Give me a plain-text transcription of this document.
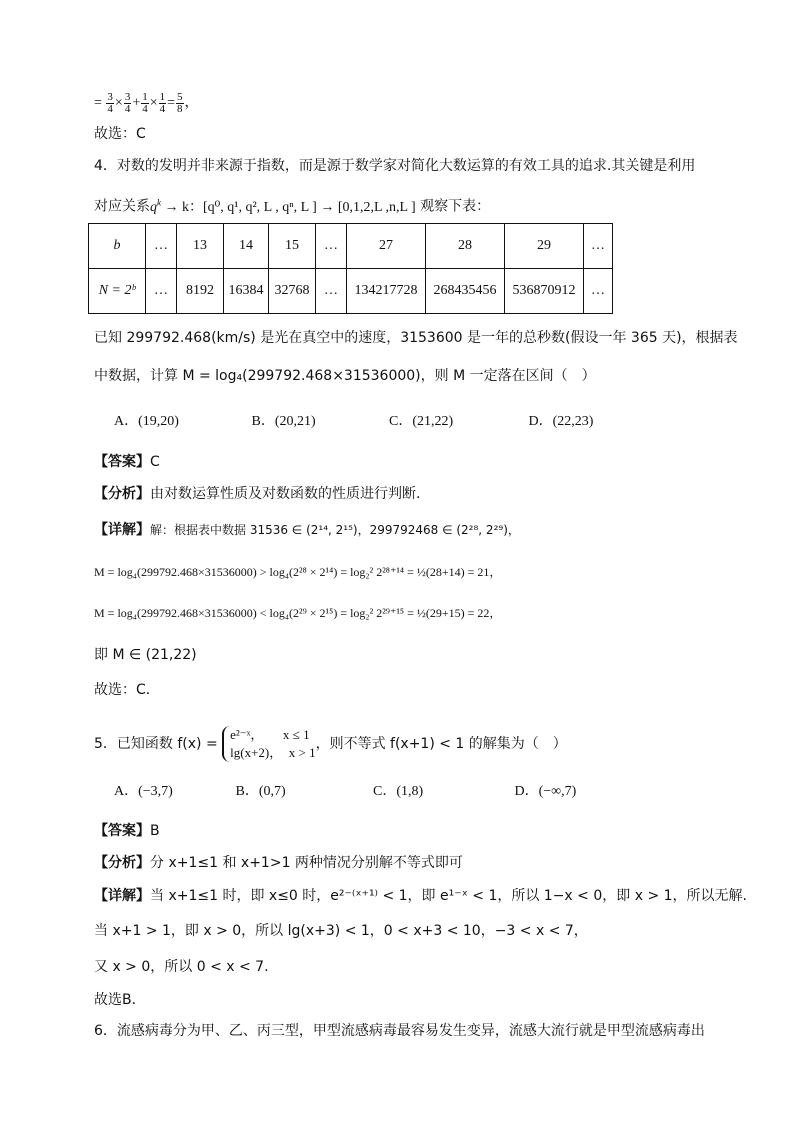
= $\frac{3}{4} \times \frac{3}{4} + \frac{1}{4} \times \frac{1}{4} = \frac{5}{8}$ ，
故选：C
4．对数的发明并非来源于指数，而是源于数学家对简化大数运算的有效工具的追求.其关键是利用
对应关系$q^k \to k$：[q⁰, q¹, q², L , qⁿ, L ] → [0,1,2,L ,n,L ] 观察下表：
b	…	13	14	15	…	27	28	29	…
N = 2ᵇ	…	8192	16384	32768	…	134217728	268435456	536870912	…
已知 299792.468(km/s) 是光在真空中的速度，3153600 是一年的总秒数(假设一年 365 天)，根据表
中数据，计算 M = log₄(299792.468×31536000)，则 M 一定落在区间（　）
A．(19,20)	B．(20,21)	C．(21,22)	D．(22,23)
【答案】C
【分析】由对数运算性质及对数函数的性质进行判断.
【详解】解：根据表中数据 31536 ∈ (2¹⁴, 2¹⁵)，299792468 ∈ (2²⁸, 2²⁹)，
M = log₄(299792.468×31536000) > log₄(2²⁸ × 2¹⁴) = log₂² 2²⁸⁺¹⁴ = ½(28+14) = 21，
M = log₄(299792.468×31536000) < log₄(2²⁹ × 2¹⁵) = log₂² 2²⁹⁺¹⁵ = ½(29+15) = 22，
即 M ∈ (21,22)
故选：C．
5．已知函数 f(x) =
e²⁻ˣ，　　x ≤ 1
lg(x+2)，　x > 1
，则不等式 f(x+1) < 1 的解集为（　）
A．(−3,7)	B．(0,7)	C．(1,8)	D．(−∞,7)
【答案】B
【分析】分 x+1≤1 和 x+1>1 两种情况分别解不等式即可
【详解】当 x+1≤1 时，即 x≤0 时，e²⁻⁽ˣ⁺¹⁾ < 1，即 e¹⁻ˣ < 1，所以 1−x < 0，即 x > 1，所以无解.
当 x+1 > 1，即 x > 0，所以 lg(x+3) < 1，0 < x+3 < 10，−3 < x < 7，
又 x > 0，所以 0 < x < 7.
故选B．
6．流感病毒分为甲、乙、丙三型，甲型流感病毒最容易发生变异，流感大流行就是甲型流感病毒出
